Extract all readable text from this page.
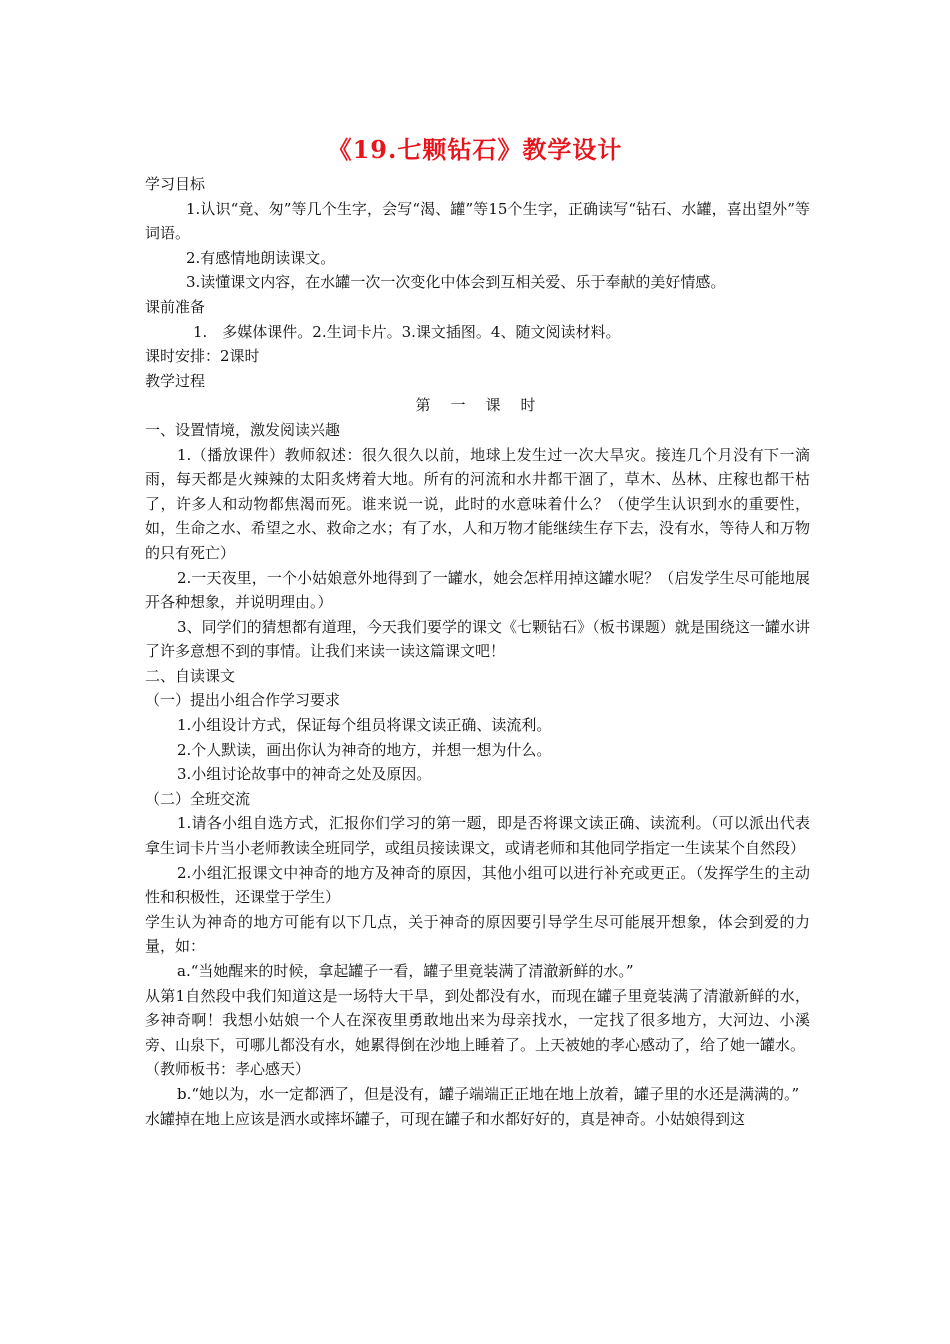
《19.七颗钻石》教学设计

学习目标

1.认识“竟、匆”等几个生字，会写“渴、罐”等15个生字，正确读写“钻石、水罐，喜出望外”等词语。

2.有感情地朗读课文。

3.读懂课文内容，在水罐一次一次变化中体会到互相关爱、乐于奉献的美好情感。

课前准备

1.　多媒体课件。2.生词卡片。3.课文插图。4、随文阅读材料。

课时安排：2课时

教学过程

第一课时

一、设置情境，激发阅读兴趣

1.（播放课件）教师叙述：很久很久以前，地球上发生过一次大旱灾。接连几个月没有下一滴雨，每天都是火辣辣的太阳炙烤着大地。所有的河流和水井都干涸了，草木、丛林、庄稼也都干枯了，许多人和动物都焦渴而死。谁来说一说，此时的水意味着什么？（使学生认识到水的重要性，如，生命之水、希望之水、救命之水；有了水，人和万物才能继续生存下去，没有水，等待人和万物的只有死亡）

2.一天夜里，一个小姑娘意外地得到了一罐水，她会怎样用掉这罐水呢？（启发学生尽可能地展开各种想象，并说明理由。）

3、同学们的猜想都有道理，今天我们要学的课文《七颗钻石》（板书课题）就是围绕这一罐水讲了许多意想不到的事情。让我们来读一读这篇课文吧！

二、自读课文

（一）提出小组合作学习要求

1.小组设计方式，保证每个组员将课文读正确、读流利。

2.个人默读，画出你认为神奇的地方，并想一想为什么。

3.小组讨论故事中的神奇之处及原因。

（二）全班交流

1.请各小组自选方式，汇报你们学习的第一题，即是否将课文读正确、读流利。（可以派出代表拿生词卡片当小老师教读全班同学，或组员接读课文，或请老师和其他同学指定一生读某个自然段）

2.小组汇报课文中神奇的地方及神奇的原因，其他小组可以进行补充或更正。（发挥学生的主动性和积极性，还课堂于学生）

学生认为神奇的地方可能有以下几点，关于神奇的原因要引导学生尽可能展开想象，体会到爱的力量，如：

a.“当她醒来的时候，拿起罐子一看，罐子里竟装满了清澈新鲜的水。”

从第1自然段中我们知道这是一场特大干旱，到处都没有水，而现在罐子里竟装满了清澈新鲜的水，多神奇啊！我想小姑娘一个人在深夜里勇敢地出来为母亲找水，一定找了很多地方，大河边、小溪旁、山泉下，可哪儿都没有水，她累得倒在沙地上睡着了。上天被她的孝心感动了，给了她一罐水。

（教师板书：孝心感天）

b.“她以为，水一定都洒了，但是没有，罐子端端正正地在地上放着，罐子里的水还是满满的。”

水罐掉在地上应该是洒水或摔坏罐子，可现在罐子和水都好好的，真是神奇。小姑娘得到这
